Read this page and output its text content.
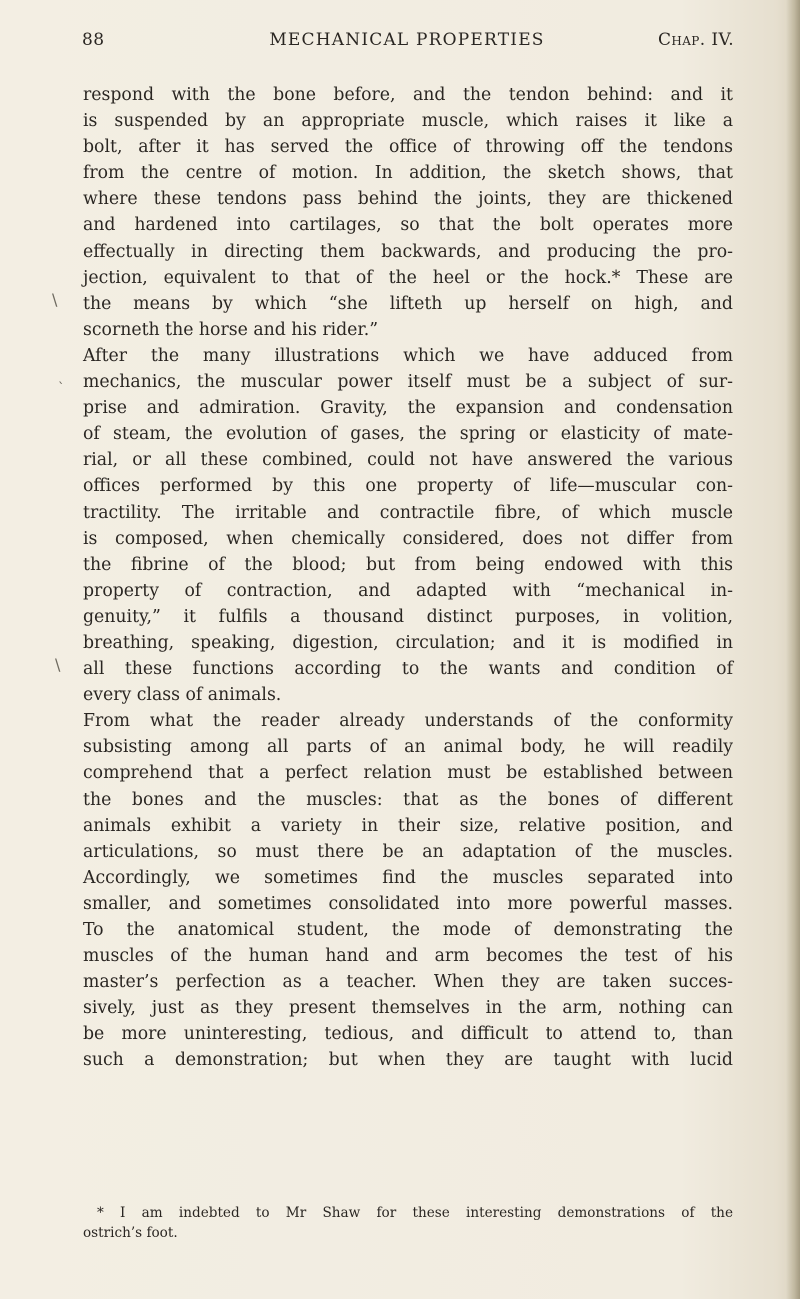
88	MECHANICAL PROPERTIES	Chap. IV.
respond with the bone before, and the tendon behind: and it
is suspended by an appropriate muscle, which raises it like a
bolt, after it has served the office of throwing off the tendons
from the centre of motion. In addition, the sketch shows, that
where these tendons pass behind the joints, they are thickened
and hardened into cartilages, so that the bolt operates more
effectually in directing them backwards, and producing the pro-
jection, equivalent to that of the heel or the hock.* These are
the means by which “she lifteth up herself on high, and
scorneth the horse and his rider.”
After the many illustrations which we have adduced from
mechanics, the muscular power itself must be a subject of sur-
prise and admiration. Gravity, the expansion and condensation
of steam, the evolution of gases, the spring or elasticity of mate-
rial, or all these combined, could not have answered the various
offices performed by this one property of life—muscular con-
tractility. The irritable and contractile fibre, of which muscle
is composed, when chemically considered, does not differ from
the fibrine of the blood; but from being endowed with this
property of contraction, and adapted with “mechanical in-
genuity,” it fulfils a thousand distinct purposes, in volition,
breathing, speaking, digestion, circulation; and it is modified in
all these functions according to the wants and condition of
every class of animals.
From what the reader already understands of the conformity
subsisting among all parts of an animal body, he will readily
comprehend that a perfect relation must be established between
the bones and the muscles: that as the bones of different
animals exhibit a variety in their size, relative position, and
articulations, so must there be an adaptation of the muscles.
Accordingly, we sometimes find the muscles separated into
smaller, and sometimes consolidated into more powerful masses.
To the anatomical student, the mode of demonstrating the
muscles of the human hand and arm becomes the test of his
master’s perfection as a teacher. When they are taken succes-
sively, just as they present themselves in the arm, nothing can
be more uninteresting, tedious, and difficult to attend to, than
such a demonstration; but when they are taught with lucid
* I am indebted to Mr Shaw for these interesting demonstrations of the
ostrich’s foot.
\
ˎ
\
